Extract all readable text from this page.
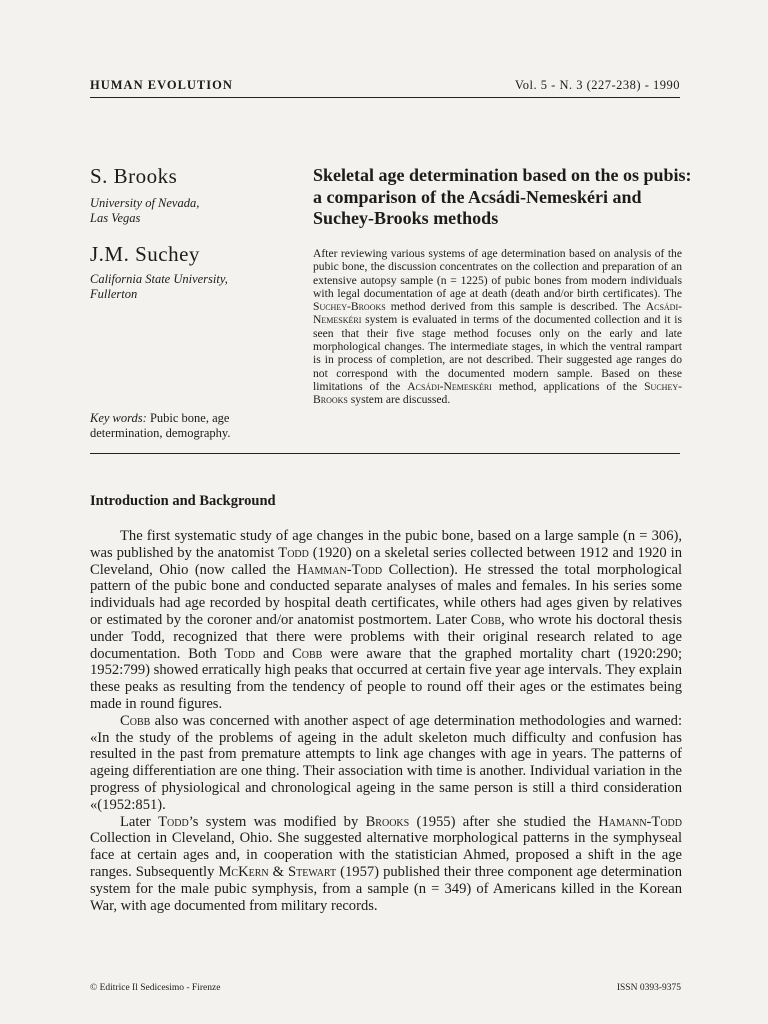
HUMAN EVOLUTION	Vol. 5 - N. 3 (227-238) - 1990
S. Brooks
University of Nevada,
Las Vegas
J.M. Suchey
California State University,
Fullerton
Key words: Pubic bone, age determination, demography.
Skeletal age determination based on the os pubis: a comparison of the Acsádi-Nemeskéri and Suchey-Brooks methods
After reviewing various systems of age determination based on analysis of the pubic bone, the discussion concentrates on the collection and preparation of an extensive autopsy sample (n = 1225) of pubic bones from modern individuals with legal documentation of age at death (death and/or birth certificates). The Suchey-Brooks method derived from this sample is described. The Acsádi-Nemeskéri system is evaluated in terms of the documented collection and it is seen that their five stage method focuses only on the early and late morphological changes. The intermediate stages, in which the ventral rampart is in process of completion, are not described. Their suggested age ranges do not correspond with the documented modern sample. Based on these limitations of the Acsádi-Nemeskéri method, applications of the Suchey-Brooks system are discussed.
Introduction and Background

The first systematic study of age changes in the pubic bone, based on a large sample (n = 306), was published by the anatomist Todd (1920) on a skeletal series collected between 1912 and 1920 in Cleveland, Ohio (now called the Hamman-Todd Collection). He stressed the total morphological pattern of the pubic bone and conducted separate analyses of males and females. In his series some individuals had age recorded by hospital death certificates, while others had ages given by relatives or estimated by the coroner and/or anatomist postmortem. Later Cobb, who wrote his doctoral thesis under Todd, recognized that there were problems with their original research related to age documentation. Both Todd and Cobb were aware that the graphed mortality chart (1920:290; 1952:799) showed erratically high peaks that occurred at certain five year age intervals. They explain these peaks as resulting from the tendency of people to round off their ages or the estimates being made in round figures.

Cobb also was concerned with another aspect of age determination methodologies and warned: «In the study of the problems of ageing in the adult skeleton much difficulty and confusion has resulted in the past from premature attempts to link age changes with age in years. The patterns of ageing differentiation are one thing. Their association with time is another. Individual variation in the progress of physiological and chronological ageing in the same person is still a third consideration «(1952:851).

Later Todd’s system was modified by Brooks (1955) after she studied the Hamann-Todd Collection in Cleveland, Ohio. She suggested alternative morphological patterns in the symphyseal face at certain ages and, in cooperation with the statistician Ahmed, proposed a shift in the age ranges. Subsequently McKern & Stewart (1957) published their three component age determination system for the male pubic symphysis, from a sample (n = 349) of Americans killed in the Korean War, with age documented from military records.

© Editrice Il Sedicesimo - Firenze	ISSN 0393-9375
